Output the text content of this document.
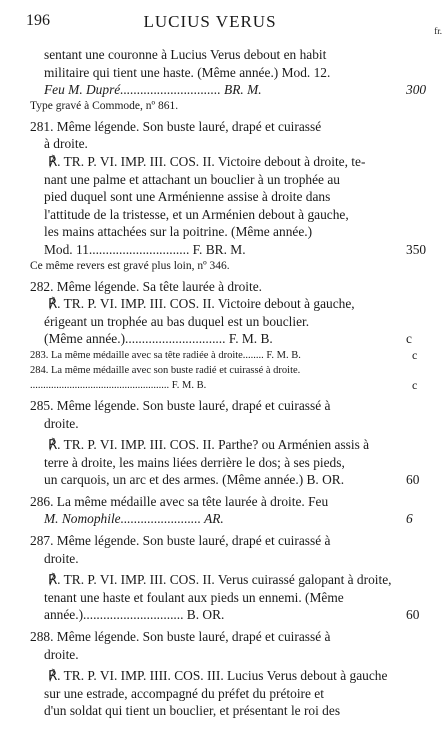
196	LUCIUS VERUS	fr.
sentant une couronne à Lucius Verus debout en habit
militaire qui tient une haste. (Même année.) Mod. 12.
Feu M. Dupré.............................. BR. M.	300
Type gravé à Commode, nº 861.
281. Même légende. Son buste lauré, drapé et cuirassé
à droite.
℟. TR. P. VI. IMP. III. COS. II. Victoire debout à droite, te-
nant une palme et attachant un bouclier à un trophée au
pied duquel sont une Arménienne assise à droite dans
l'attitude de la tristesse, et un Arménien debout à gauche,
les mains attachées sur la poitrine. (Même année.)
Mod. 11.............................. F. BR. M.	350
Ce même revers est gravé plus loin, nº 346.
282. Même légende. Sa tête laurée à droite.
℟. TR. P. VI. IMP. III. COS. II. Victoire debout à gauche,
érigeant un trophée au bas duquel est un bouclier.
(Même année.).............................. F. M. B.	c
283. La même médaille avec sa tête radiée à droite........ F. M. B.	c
284. La même médaille avec son buste radié et cuirassé à droite.
..................................................... F. M. B.	c
285. Même légende. Son buste lauré, drapé et cuirassé à
droite.
℟. TR. P. VI. IMP. III. COS. II. Parthe? ou Arménien assis à
terre à droite, les mains liées derrière le dos; à ses pieds,
un carquois, un arc et des armes. (Même année.) B. OR.	60
286. La même médaille avec sa tête laurée à droite. Feu
M. Nomophile........................ AR.	6
287. Même légende. Son buste lauré, drapé et cuirassé à
droite.
℟. TR. P. VI. IMP. III. COS. II. Verus cuirassé galopant à droite,
tenant une haste et foulant aux pieds un ennemi. (Même
année.).............................. B. OR.	60
288. Même légende. Son buste lauré, drapé et cuirassé à
droite.
℟. TR. P. VI. IMP. IIII. COS. III. Lucius Verus debout à gauche
sur une estrade, accompagné du préfet du prétoire et
d'un soldat qui tient un bouclier, et présentant le roi des
